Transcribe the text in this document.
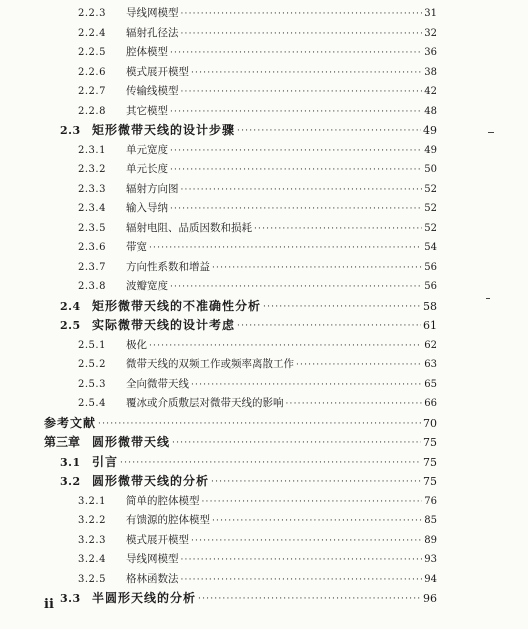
2.2.3	导线网模型 ·····	31
2.2.4	辐射孔径法 ·····	32
2.2.5	腔体模型 ·····	36
2.2.6	模式展开模型 ·····	38
2.2.7	传输线模型 ·····	42
2.2.8	其它模型 ·····	48
2.3 矩形微带天线的设计步骤 ·····	49
2.3.1	单元宽度 ·····	49
2.3.2	单元长度 ·····	50
2.3.3	辐射方向图 ·····	52
2.3.4	输入导纳 ·····	52
2.3.5	辐射电阻、品质因数和损耗 ·····	52
2.3.6	带宽 ·····	54
2.3.7	方向性系数和增益 ·····	56
2.3.8	波瓣宽度 ·····	56
2.4 矩形微带天线的不准确性分析 ·····	58
2.5 实际微带天线的设计考虑 ·····	61
2.5.1	极化 ·····	62
2.5.2	微带天线的双频工作或频率离散工作 ·····	63
2.5.3	全向微带天线 ·····	65
2.5.4	覆冰或介质敷层对微带天线的影响 ·····	66
参考文献 ·····	70
第三章 圆形微带天线 ·····	75
3.1 引言 ·····	75
3.2 圆形微带天线的分析 ·····	75
3.2.1	简单的腔体模型 ·····	76
3.2.2	有馈源的腔体模型 ·····	85
3.2.3	模式展开模型 ·····	89
3.2.4	导线网模型 ·····	93
3.2.5	格林函数法 ·····	94
3.3 半圆形天线的分析 ·····	96
ii
